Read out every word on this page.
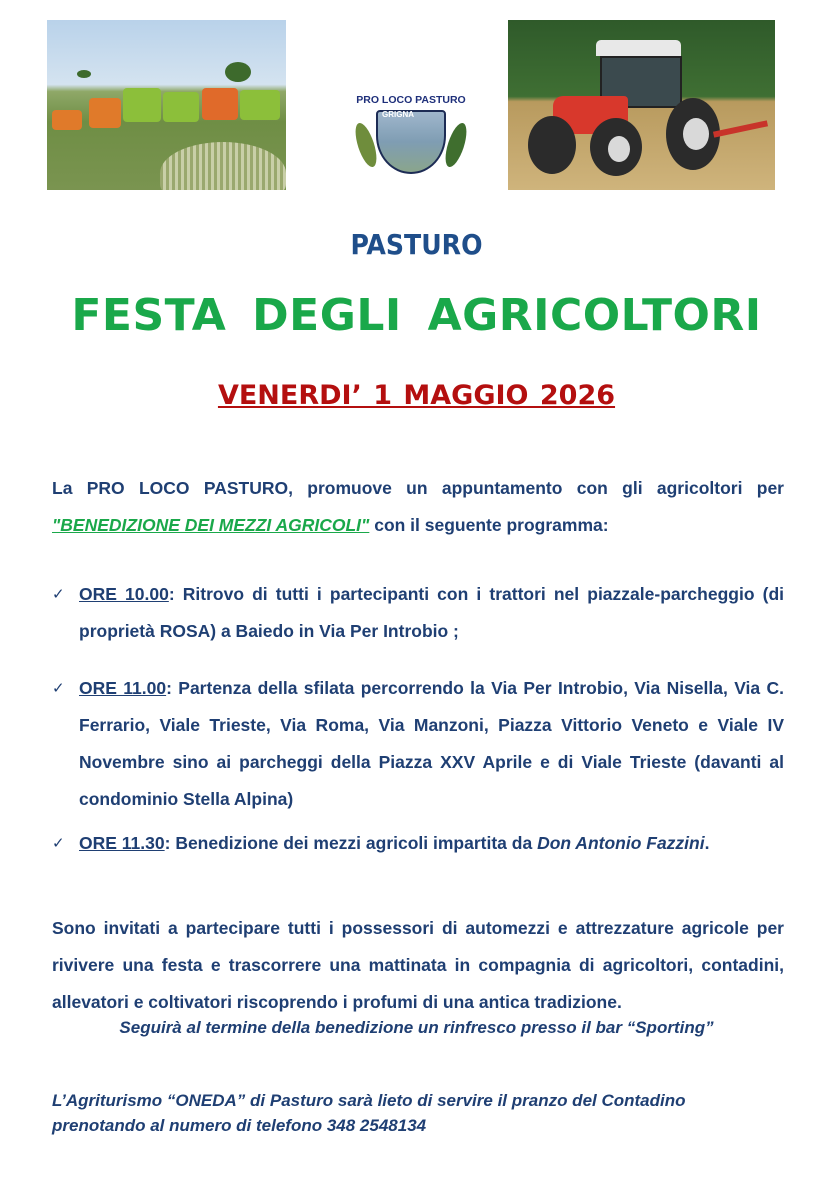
PRO LOCO PASTURO
GRIGNA
PASTURO
FESTA DEGLI AGRICOLTORI
VENERDI’ 1 MAGGIO 2026
La PRO LOCO PASTURO, promuove un appuntamento con gli agricoltori per "BENEDIZIONE DEI MEZZI AGRICOLI" con il seguente programma:
✓ ORE 10.00: Ritrovo di tutti i partecipanti con i trattori nel piazzale-parcheggio (di proprietà ROSA) a Baiedo in Via Per Introbio ;
✓ ORE 11.00: Partenza della sfilata percorrendo la Via Per Introbio, Via Nisella, Via C. Ferrario, Viale Trieste, Via Roma, Via Manzoni, Piazza Vittorio Veneto e Viale IV Novembre sino ai parcheggi della Piazza XXV Aprile e di Viale Trieste (davanti al condominio Stella Alpina)
✓ ORE 11.30: Benedizione dei mezzi agricoli impartita da Don Antonio Fazzini.
Sono invitati a partecipare tutti i possessori di automezzi e attrezzature agricole per rivivere una festa e trascorrere una mattinata in compagnia di agricoltori, contadini, allevatori e coltivatori riscoprendo i profumi di una antica tradizione.
Seguirà al termine della benedizione un rinfresco presso il bar “Sporting”
L’Agriturismo “ONEDA” di Pasturo sarà lieto di servire il pranzo del Contadino
prenotando al numero di telefono 348 2548134
